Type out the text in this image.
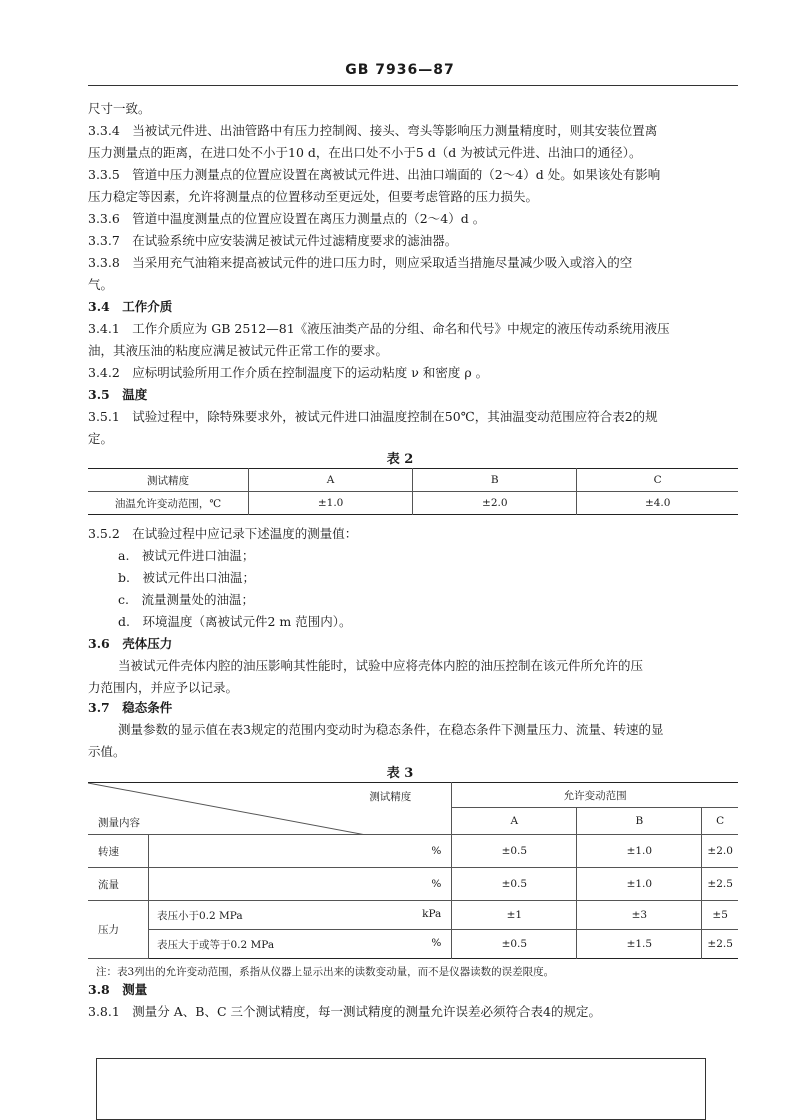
GB 7936—87
尺寸一致。
3.3.4　当被试元件进、出油管路中有压力控制阀、接头、弯头等影响压力测量精度时，则其安装位置离
压力测量点的距离，在进口处不小于10 d，在出口处不小于5 d（d 为被试元件进、出油口的通径）。
3.3.5　管道中压力测量点的位置应设置在离被试元件进、出油口端面的（2～4）d 处。如果该处有影响
压力稳定等因素，允许将测量点的位置移动至更远处，但要考虑管路的压力损失。
3.3.6　管道中温度测量点的位置应设置在离压力测量点的（2～4）d 。
3.3.7　在试验系统中应安装满足被试元件过滤精度要求的滤油器。
3.3.8　当采用充气油箱来提高被试元件的进口压力时，则应采取适当措施尽量减少吸入或溶入的空
气。
3.4　工作介质
3.4.1　工作介质应为 GB 2512—81《液压油类产品的分组、命名和代号》中规定的液压传动系统用液压
油，其液压油的粘度应满足被试元件正常工作的要求。
3.4.2　应标明试验所用工作介质在控制温度下的运动粘度 ν 和密度 ρ 。
3.5　温度
3.5.1　试验过程中，除特殊要求外，被试元件进口油温度控制在50℃，其油温变动范围应符合表2的规
定。
表 2
测试精度	A	B	C
油温允许变动范围，℃	±1.0	±2.0	±4.0
3.5.2　在试验过程中应记录下述温度的测量值：
a.　被试元件进口油温；
b.　被试元件出口油温；
c.　流量测量处的油温；
d.　环境温度（离被试元件2 m 范围内）。
3.6　壳体压力
当被试元件壳体内腔的油压影响其性能时，试验中应将壳体内腔的油压控制在该元件所允许的压
力范围内，并应予以记录。
3.7　稳态条件
测量参数的显示值在表3规定的范围内变动时为稳态条件，在稳态条件下测量压力、流量、转速的显
示值。
表 3
测试精度
测量内容		允许变动范围		
		A	B	C
转速	%	±0.5	±1.0	±2.0
流量	%	±0.5	±1.0	±2.5
压力	表压小于0.2 MPa kPa	±1	±3	±5

	表压大于或等于0.2 MPa %	±0.5	±1.5	±2.5
注：表3列出的允许变动范围，系指从仪器上显示出来的读数变动量，而不是仪器读数的误差限度。
3.8　测量
3.8.1　测量分 A、B、C 三个测试精度，每一测试精度的测量允许误差必须符合表4的规定。
